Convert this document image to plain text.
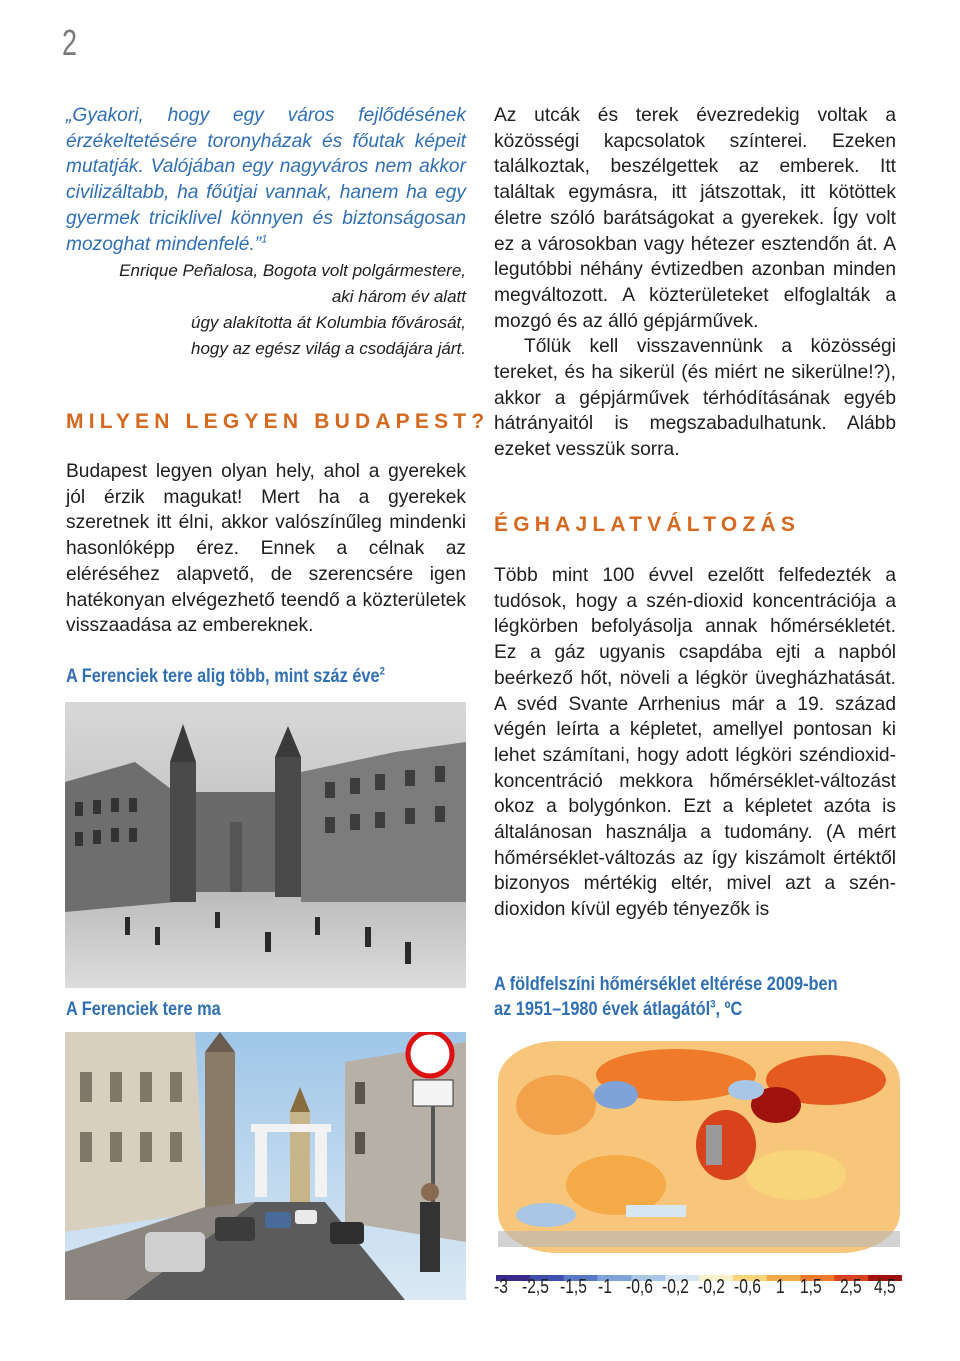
2
„Gyakori, hogy egy város fejlődésének érzékeltetésére toronyházak és főutak képeit mutatják. Valójában egy nagyváros nem akkor civilizáltabb, ha főútjai vannak, hanem ha egy gyermek triciklivel könnyen és biztonságosan mozoghat mindenfelé.”$^1$
Enrique Peñalosa, Bogota volt polgármestere,
aki három év alatt
úgy alakította át Kolumbia fővárosát,
hogy az egész világ a csodájára járt.
MILYEN LEGYEN BUDAPEST?
Budapest legyen olyan hely, ahol a gyerekek jól érzik magukat! Mert ha a gyerekek szeretnek itt élni, akkor valószínűleg mindenki hasonlóképp érez. Ennek a célnak az eléréséhez alapvető, de szerencsére igen hatékonyan elvégezhető teendő a közterületek visszaadása az embereknek.
A Ferenciek tere alig több, mint száz éve$^2$
A Ferenciek tere ma

Az utcák és terek évezredekig voltak a közösségi kapcsolatok színterei. Ezeken találkoztak, beszélgettek az emberek. Itt találtak egymásra, itt játszottak, itt kötöttek életre szóló barátságokat a gyerekek. Így volt ez a városokban vagy hétezer esztendőn át. A legutóbbi néhány évtizedben azonban minden megváltozott. A közterületeket elfoglalták a mozgó és az álló gépjárművek.

Tőlük kell visszavennünk a közösségi tereket, és ha sikerül (és miért ne sikerülne!?), akkor a gépjárművek térhódításának egyéb hátrányaitól is megszabadulhatunk. Alább ezeket vesszük sorra.

ÉGHAJLATVÁLTOZÁS
Több mint 100 évvel ezelőtt felfedezték a tudósok, hogy a szén-dioxid koncentrációja a légkörben befolyásolja annak hőmérsékletét. Ez a gáz ugyanis csapdába ejti a napból beérkező hőt, növeli a légkör üvegházhatását. A svéd Svante Arrhenius már a 19. század végén leírta a képletet, amellyel pontosan ki lehet számítani, hogy adott légköri széndioxid-koncentráció mekkora hőmérséklet-változást okoz a bolygónkon. Ezt a képletet azóta is általánosan használja a tudomány. (A mért hőmérséklet-változás az így kiszámolt értéktől bizonyos mértékig eltér, mivel azt a szén-dioxidon kívül egyéb tényezők is
A földfelszíni hőmérséklet eltérése 2009-ben
az 1951–1980 évek átlagától$^3$, ºC
-3 -2,5 -1,5 -1 -0,6 -0,2 -0,2 -0,6 1 1,5 2,5 4,5
